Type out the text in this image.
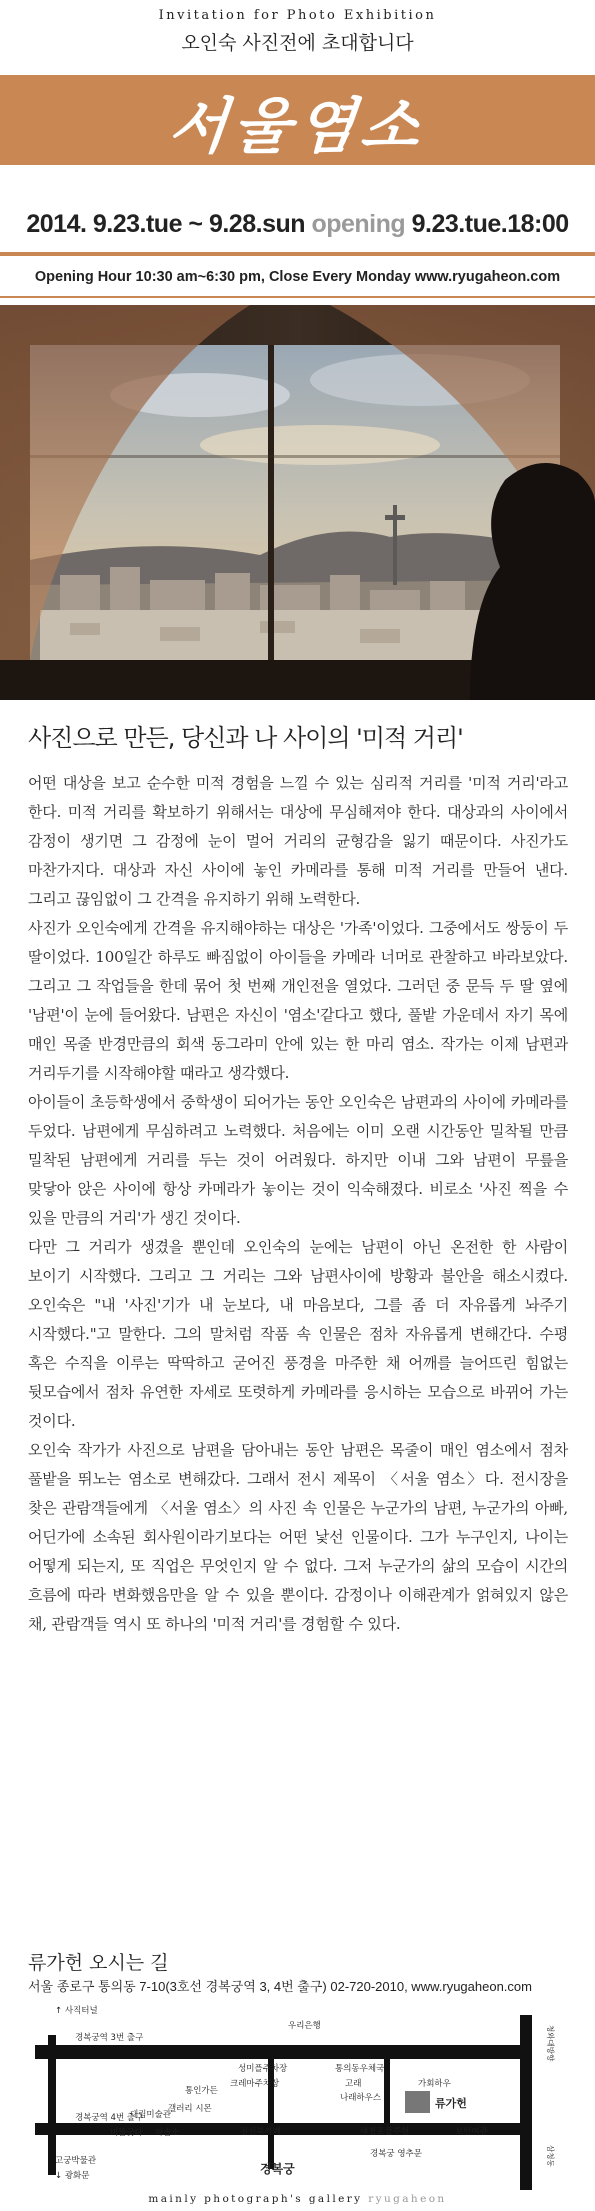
Invitation for Photo Exhibition
오인숙 사진전에 초대합니다
서울염소
2014. 9.23.tue ~ 9.28.sun opening 9.23.tue.18:00
Opening Hour 10:30 am~6:30 pm, Close Every Monday www.ryugaheon.com
사진으로 만든, 당신과 나 사이의 '미적 거리'

어떤 대상을 보고 순수한 미적 경험을 느낄 수 있는 심리적 거리를 '미적 거리'라고 한다. 미적 거리를 확보하기 위해서는 대상에 무심해져야 한다. 대상과의 사이에서 감정이 생기면 그 감정에 눈이 멀어 거리의 균형감을 잃기 때문이다. 사진가도 마찬가지다. 대상과 자신 사이에 놓인 카메라를 통해 미적 거리를 만들어 낸다. 그리고 끊임없이 그 간격을 유지하기 위해 노력한다.

사진가 오인숙에게 간격을 유지해야하는 대상은 '가족'이었다. 그중에서도 쌍둥이 두 딸이었다. 100일간 하루도 빠짐없이 아이들을 카메라 너머로 관찰하고 바라보았다. 그리고 그 작업들을 한데 묶어 첫 번째 개인전을 열었다. 그러던 중 문득 두 딸 옆에 '남편'이 눈에 들어왔다. 남편은 자신이 '염소'같다고 했다, 풀밭 가운데서 자기 목에 매인 목줄 반경만큼의 회색 동그라미 안에 있는 한 마리 염소. 작가는 이제 남편과 거리두기를 시작해야할 때라고 생각했다.

아이들이 초등학생에서 중학생이 되어가는 동안 오인숙은 남편과의 사이에 카메라를 두었다. 남편에게 무심하려고 노력했다. 처음에는 이미 오랜 시간동안 밀착될 만큼 밀착된 남편에게 거리를 두는 것이 어려웠다. 하지만 이내 그와 남편이 무릎을 맞닿아 앉은 사이에 항상 카메라가 놓이는 것이 익숙해졌다. 비로소 '사진 찍을 수 있을 만큼의 거리'가 생긴 것이다.

다만 그 거리가 생겼을 뿐인데 오인숙의 눈에는 남편이 아닌 온전한 한 사람이 보이기 시작했다. 그리고 그 거리는 그와 남편사이에 방황과 불안을 해소시켰다. 오인숙은 "내 '사진'기가 내 눈보다, 내 마음보다, 그를 좀 더 자유롭게 놔주기 시작했다."고 말한다. 그의 말처럼 작품 속 인물은 점차 자유롭게 변해간다. 수평 혹은 수직을 이루는 딱딱하고 굳어진 풍경을 마주한 채 어깨를 늘어뜨린 힘없는 뒷모습에서 점차 유연한 자세로 또렷하게 카메라를 응시하는 모습으로 바뀌어 가는 것이다.

오인숙 작가가 사진으로 남편을 담아내는 동안 남편은 목줄이 매인 염소에서 점차 풀밭을 뛰노는 염소로 변해갔다. 그래서 전시 제목이 〈서울 염소〉다. 전시장을 찾은 관람객들에게 〈서울 염소〉의 사진 속 인물은 누군가의 남편, 누군가의 아빠, 어딘가에 소속된 회사원이라기보다는 어떤 낯선 인물이다. 그가 누구인지, 나이는 어떻게 되는지, 또 직업은 무엇인지 알 수 없다. 그저 누군가의 삶의 모습이 시간의 흐름에 따라 변화했음만을 알 수 있을 뿐이다. 감정이나 이해관계가 얽혀있지 않은 채, 관람객들 역시 또 하나의 '미적 거리'를 경험할 수 있다.

류가헌 오시는 길
서울 종로구 통의동 7-10(3호선 경복궁역 3, 4번 출구) 02-720-2010, www.ryugaheon.com
↑ 사직터널
경복궁역 3번 출구
우리은행
성미플주차장
크레마주차장
통의동우체국
고래
나래하우스
가회하우
통인가든
갤러리 시몬
대림미술관
경복궁역 4번 출구
류가헌
보안여관
비뚤굿다 파솔소	진선북카페	해철포플루헌
고궁박물관
↓ 광화문
경복궁 영추문
경복궁
청와대방향
삼청동
mainly photograph's gallery ryugaheon
